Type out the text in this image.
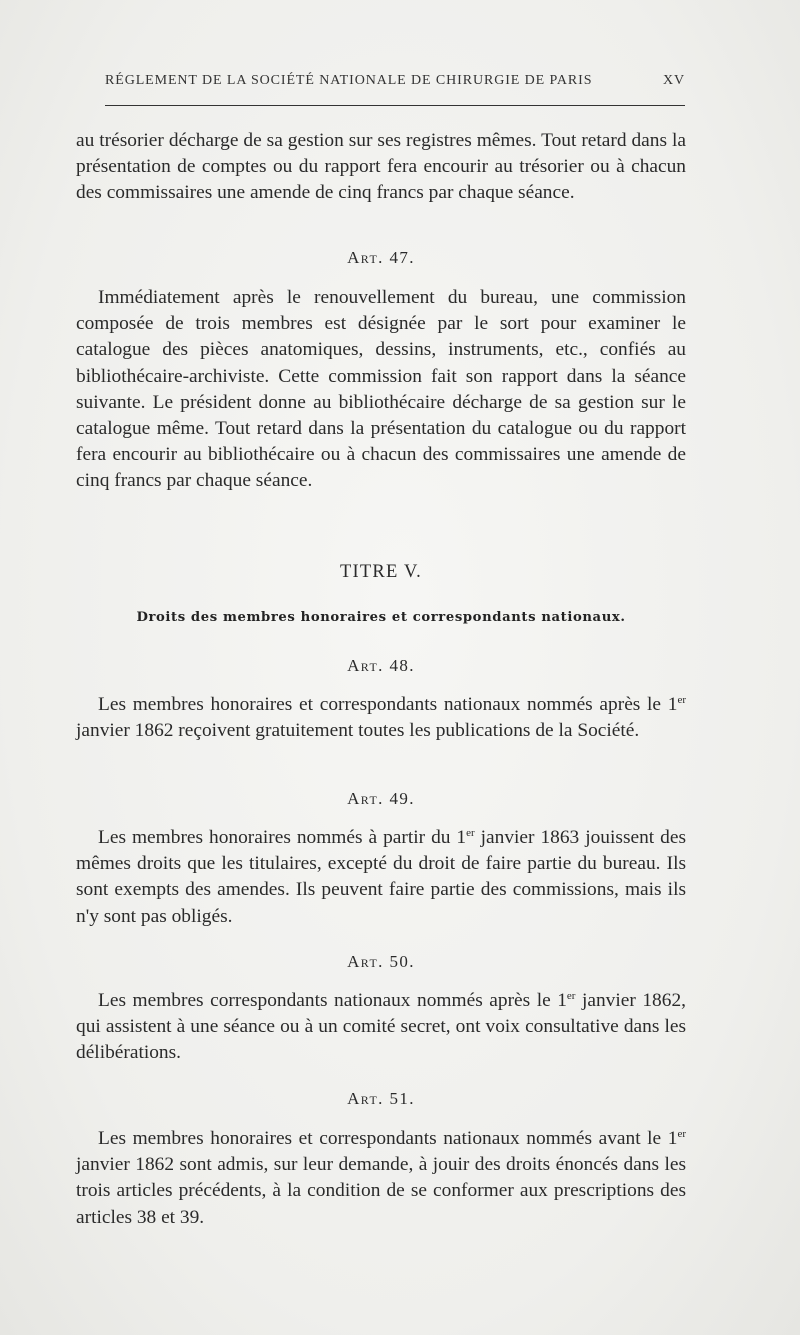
RÉGLEMENT DE LA SOCIÉTÉ NATIONALE DE CHIRURGIE DE PARIS	XV

au trésorier décharge de sa gestion sur ses registres mêmes. Tout retard dans la présentation de comptes ou du rapport fera encourir au trésorier ou à chacun des commissaires une amende de cinq francs par chaque séance.

Art. 47.

Immédiatement après le renouvellement du bureau, une commission composée de trois membres est désignée par le sort pour examiner le catalogue des pièces anatomiques, dessins, instruments, etc., confiés au bibliothécaire-archiviste. Cette commission fait son rapport dans la séance suivante. Le président donne au bibliothécaire décharge de sa gestion sur le catalogue même. Tout retard dans la présentation du catalogue ou du rapport fera encourir au bibliothécaire ou à chacun des commissaires une amende de cinq francs par chaque séance.

TITRE V.

Droits des membres honoraires et correspondants nationaux.

Art. 48.

Les membres honoraires et correspondants nationaux nommés après le 1er janvier 1862 reçoivent gratuitement toutes les publications de la Société.

Art. 49.

Les membres honoraires nommés à partir du 1er janvier 1863 jouissent des mêmes droits que les titulaires, excepté du droit de faire partie du bureau. Ils sont exempts des amendes. Ils peuvent faire partie des commissions, mais ils n'y sont pas obligés.

Art. 50.

Les membres correspondants nationaux nommés après le 1er janvier 1862, qui assistent à une séance ou à un comité secret, ont voix consultative dans les délibérations.

Art. 51.

Les membres honoraires et correspondants nationaux nommés avant le 1er janvier 1862 sont admis, sur leur demande, à jouir des droits énoncés dans les trois articles précédents, à la condition de se conformer aux prescriptions des articles 38 et 39.
